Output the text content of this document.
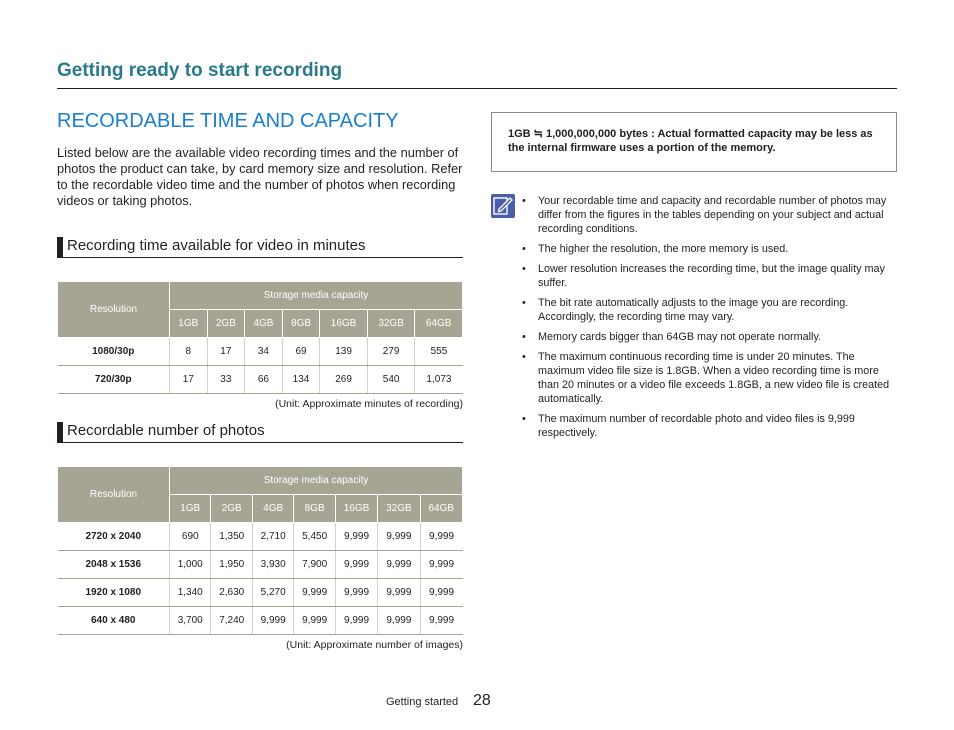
Getting ready to start recording
RECORDABLE TIME AND CAPACITY
Listed below are the available video recording times and the number of photos the product can take, by card memory size and resolution. Refer to the recordable video time and the number of photos when recording videos or taking photos.
Recording time available for video in minutes
Resolution	Storage media capacity						
	1GB	2GB	4GB	8GB	16GB	32GB	64GB
1080/30p	8	17	34	69	139	279	555
720/30p	17	33	66	134	269	540	1,073
(Unit: Approximate minutes of recording)
Recordable number of photos
Resolution	Storage media capacity						
	1GB	2GB	4GB	8GB	16GB	32GB	64GB
2720 x 2040	690	1,350	2,710	5,450	9,999	9,999	9,999
2048 x 1536	1,000	1,950	3,930	7,900	9,999	9,999	9,999
1920 x 1080	1,340	2,630	5,270	9,999	9,999	9,999	9,999
640 x 480	3,700	7,240	9,999	9,999	9,999	9,999	9,999
(Unit: Approximate number of images)
1GB ≒ 1,000,000,000 bytes : Actual formatted capacity may be less as the internal firmware uses a portion of the memory.
• Your recordable time and capacity and recordable number of photos may differ from the figures in the tables depending on your subject and actual recording conditions.
• The higher the resolution, the more memory is used.
• Lower resolution increases the recording time, but the image quality may suffer.
• The bit rate automatically adjusts to the image you are recording. Accordingly, the recording time may vary.
• Memory cards bigger than 64GB may not operate normally.
• The maximum continuous recording time is under 20 minutes. The maximum video file size is 1.8GB. When a video recording time is more than 20 minutes or a video file exceeds 1.8GB, a new video file is created automatically.
• The maximum number of recordable photo and video files is 9,999 respectively.
Getting started 28
